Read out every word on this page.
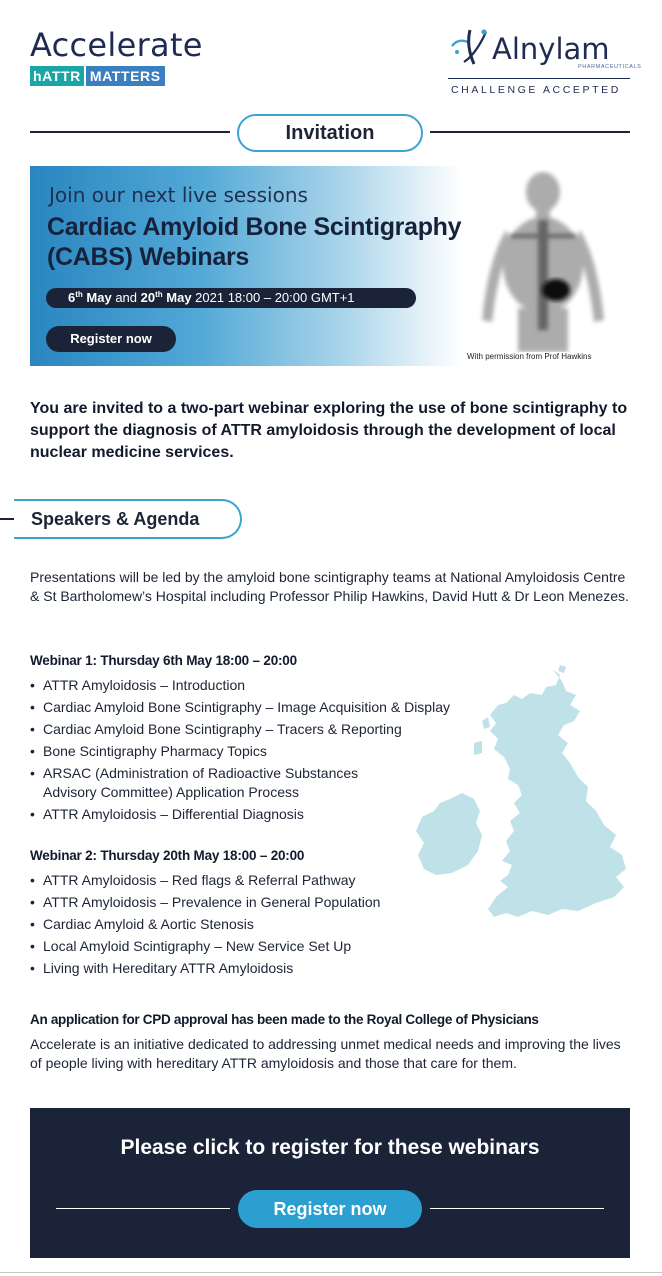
Accelerate
hATTR MATTERS
Alnylam
PHARMACEUTICALS
CHALLENGE ACCEPTED
Invitation
Join our next live sessions
Cardiac Amyloid Bone Scintigraphy (CABS) Webinars
6th May and 20th May 2021 18:00 – 20:00 GMT+1
Register now
With permission from Prof Hawkins
You are invited to a two-part webinar exploring the use of bone scintigraphy to support the diagnosis of ATTR amyloidosis through the development of local nuclear medicine services.
Speakers & Agenda
Presentations will be led by the amyloid bone scintigraphy teams at National Amyloidosis Centre & St Bartholomew’s Hospital including Professor Philip Hawkins, David Hutt & Dr Leon Menezes.
Webinar 1: Thursday 6th May 18:00 – 20:00
• ATTR Amyloidosis – Introduction
• Cardiac Amyloid Bone Scintigraphy – Image Acquisition & Display
• Cardiac Amyloid Bone Scintigraphy – Tracers & Reporting
• Bone Scintigraphy Pharmacy Topics
• ARSAC (Administration of Radioactive Substances Advisory Committee) Application Process
• ATTR Amyloidosis – Differential Diagnosis
Webinar 2: Thursday 20th May 18:00 – 20:00
• ATTR Amyloidosis – Red flags & Referral Pathway
• ATTR Amyloidosis – Prevalence in General Population
• Cardiac Amyloid & Aortic Stenosis
• Local Amyloid Scintigraphy – New Service Set Up
• Living with Hereditary ATTR Amyloidosis
An application for CPD approval has been made to the Royal College of Physicians
Accelerate is an initiative dedicated to addressing unmet medical needs and improving the lives of people living with hereditary ATTR amyloidosis and those that care for them.
Please click to register for these webinars
Register now
